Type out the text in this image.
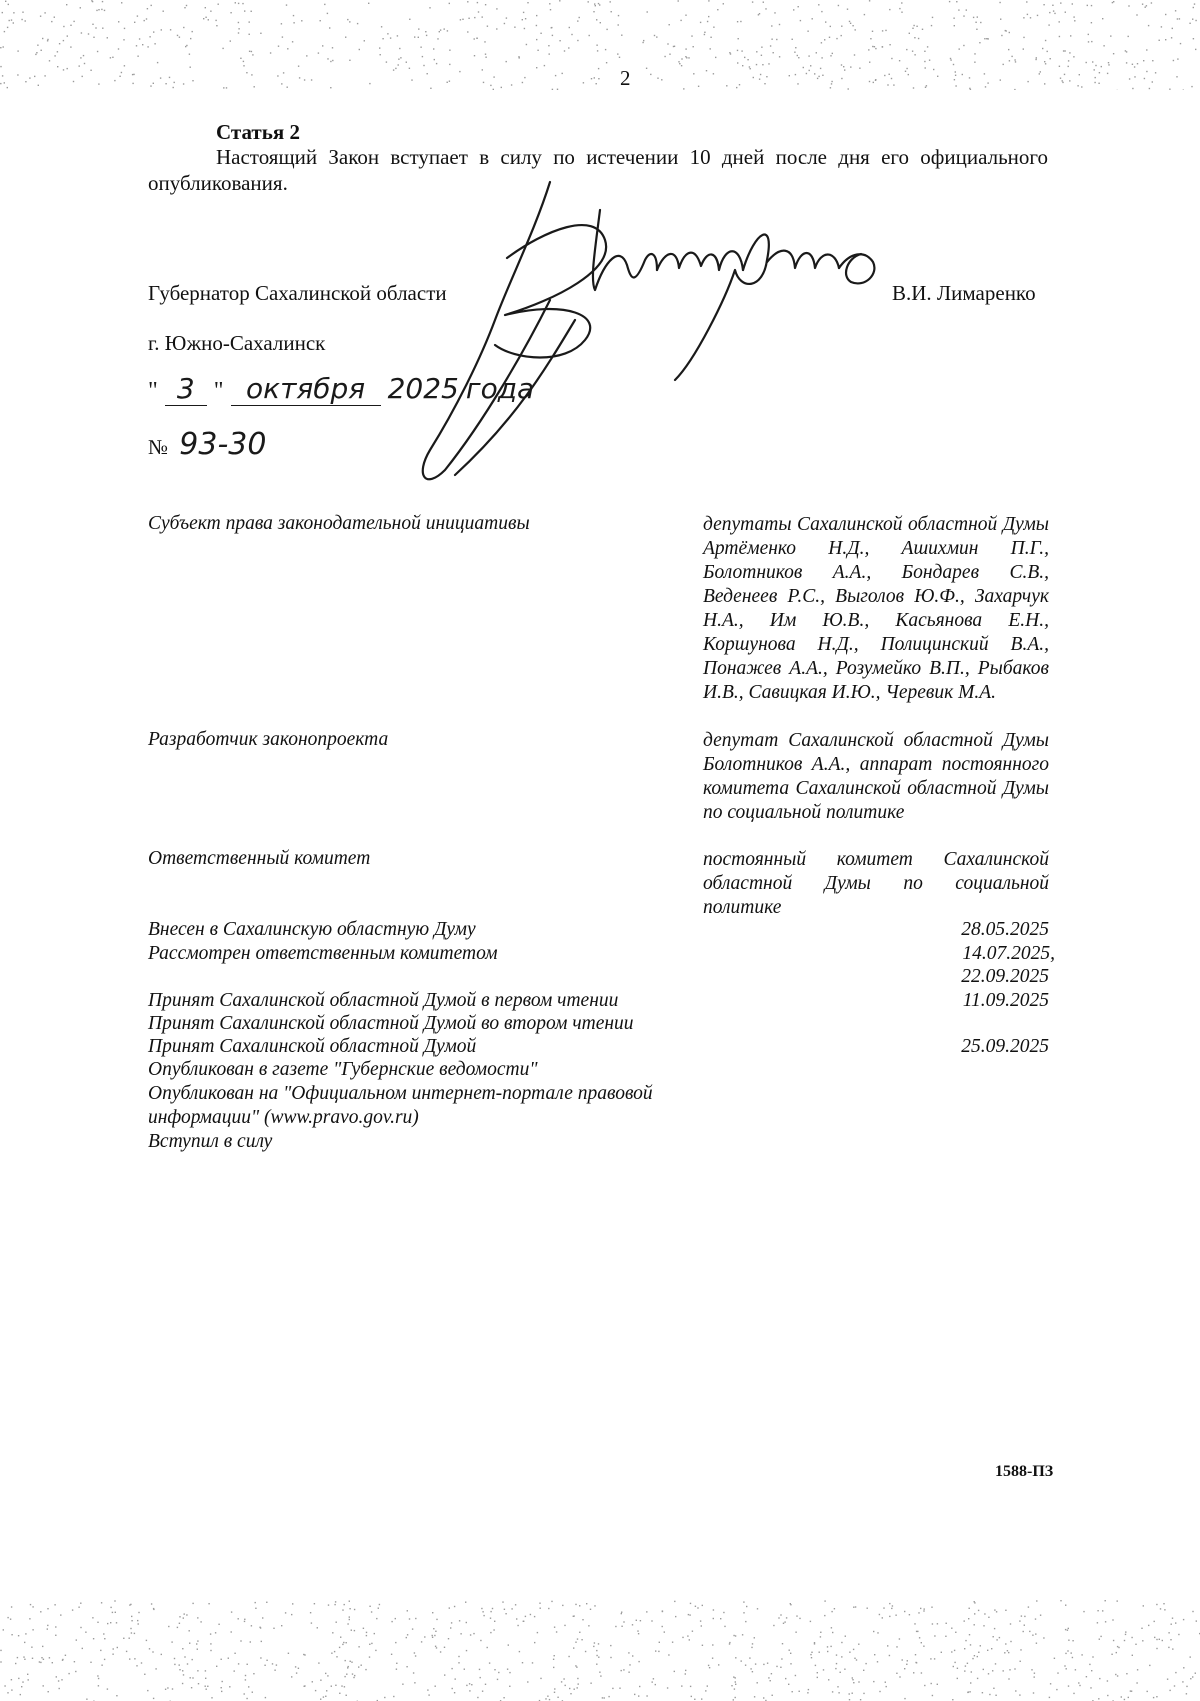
2
Статья 2
Настоящий Закон вступает в силу по истечении 10 дней после дня его официального
опубликования.
Губернатор Сахалинской области	В.И. Лимаренко
г. Южно-Сахалинск
" 3 " октября 2025 года
№ 93-30
Субъект права законодательной инициативы	депутаты Сахалинской областной Думы Артёменко Н.Д., Ашихмин П.Г., Болотников А.А., Бондарев С.В., Веденеев Р.С., Выголов Ю.Ф., Захарчук Н.А., Им Ю.В., Касьянова Е.Н., Коршунова Н.Д., Полицинский В.А., Понажев А.А., Розумейко В.П., Рыбаков И.В., Савицкая И.Ю., Черевик М.А.
Разработчик законопроекта	депутат Сахалинской областной Думы Болотников А.А., аппарат постоянного комитета Сахалинской областной Думы по социальной политике
Ответственный комитет	постоянный комитет Сахалинской областной Думы по социальной политике
Внесен в Сахалинскую областную Думу	28.05.2025
Рассмотрен ответственным комитетом	14.07.2025,
22.09.2025
Принят Сахалинской областной Думой в первом чтении	11.09.2025
Принят Сахалинской областной Думой во втором чтении
Принят Сахалинской областной Думой	25.09.2025
Опубликован в газете "Губернские ведомости"
Опубликован на "Официальном интернет-портале правовой
информации" (www.pravo.gov.ru)
Вступил в силу
1588-ПЗ
